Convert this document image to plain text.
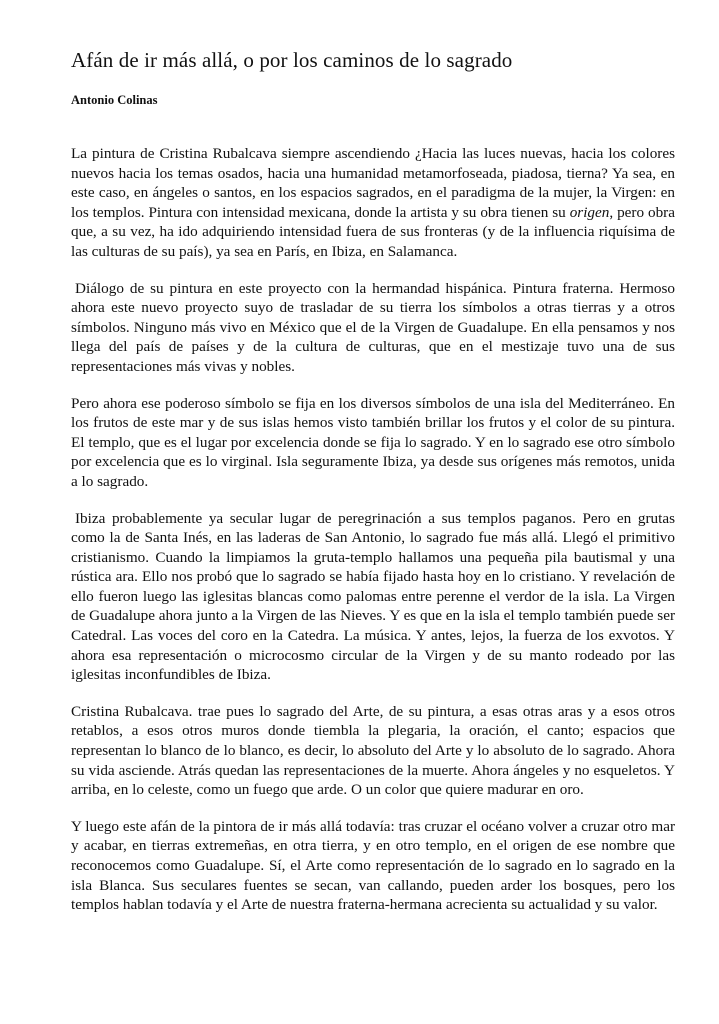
Afán de ir más allá, o por los caminos de lo sagrado
Antonio Colinas

La pintura de Cristina Rubalcava siempre ascendiendo ¿Hacia las luces nuevas, hacia los colores nuevos hacia los temas osados, hacia una humanidad metamorfoseada, piadosa, tierna? Ya sea, en este caso, en ángeles o santos, en los espacios sagrados, en el paradigma de la mujer, la Virgen: en los templos. Pintura con intensidad mexicana, donde la artista y su obra tienen su origen, pero obra que, a su vez, ha ido adquiriendo intensidad fuera de sus fronteras (y de la influencia riquísima de las culturas de su país), ya sea en París, en Ibiza, en Salamanca.

Diálogo de su pintura en este proyecto con la hermandad hispánica. Pintura fraterna. Hermoso ahora este nuevo proyecto suyo de trasladar de su tierra los símbolos a otras tierras y a otros símbolos. Ninguno más vivo en México que el de la Virgen de Guadalupe. En ella pensamos y nos llega del país de países y de la cultura de culturas, que en el mestizaje tuvo una de sus representaciones más vivas y nobles.

Pero ahora ese poderoso símbolo se fija en los diversos símbolos de una isla del Mediterráneo. En los frutos de este mar y de sus islas hemos visto también brillar los frutos y el color de su pintura. El templo, que es el lugar por excelencia donde se fija lo sagrado. Y en lo sagrado ese otro símbolo por excelencia que es lo virginal. Isla seguramente Ibiza, ya desde sus orígenes más remotos, unida a lo sagrado.

Ibiza probablemente ya secular lugar de peregrinación a sus templos paganos. Pero en grutas como la de Santa Inés, en las laderas de San Antonio, lo sagrado fue más allá. Llegó el primitivo cristianismo. Cuando la limpiamos la gruta-templo hallamos una pequeña pila bautismal y una rústica ara. Ello nos probó que lo sagrado se había fijado hasta hoy en lo cristiano. Y revelación de ello fueron luego las iglesitas blancas como palomas entre perenne el verdor de la isla. La Virgen de Guadalupe ahora junto a la Virgen de las Nieves. Y es que en la isla el templo también puede ser Catedral. Las voces del coro en la Catedra. La música. Y antes, lejos, la fuerza de los exvotos. Y ahora esa representación o microcosmo circular de la Virgen y de su manto rodeado por las iglesitas inconfundibles de Ibiza.

Cristina Rubalcava. trae pues lo sagrado del Arte, de su pintura, a esas otras aras y a esos otros retablos, a esos otros muros donde tiembla la plegaria, la oración, el canto; espacios que representan lo blanco de lo blanco, es decir, lo absoluto del Arte y lo absoluto de lo sagrado. Ahora su vida asciende. Atrás quedan las representaciones de la muerte. Ahora ángeles y no esqueletos. Y arriba, en lo celeste, como un fuego que arde. O un color que quiere madurar en oro.

Y luego este afán de la pintora de ir más allá todavía: tras cruzar el océano volver a cruzar otro mar y acabar, en tierras extremeñas, en otra tierra, y en otro templo, en el origen de ese nombre que reconocemos como Guadalupe. Sí, el Arte como representación de lo sagrado en lo sagrado en la isla Blanca. Sus seculares fuentes se secan, van callando, pueden arder los bosques, pero los templos hablan todavía y el Arte de nuestra fraterna-hermana acrecienta su actualidad y su valor.
